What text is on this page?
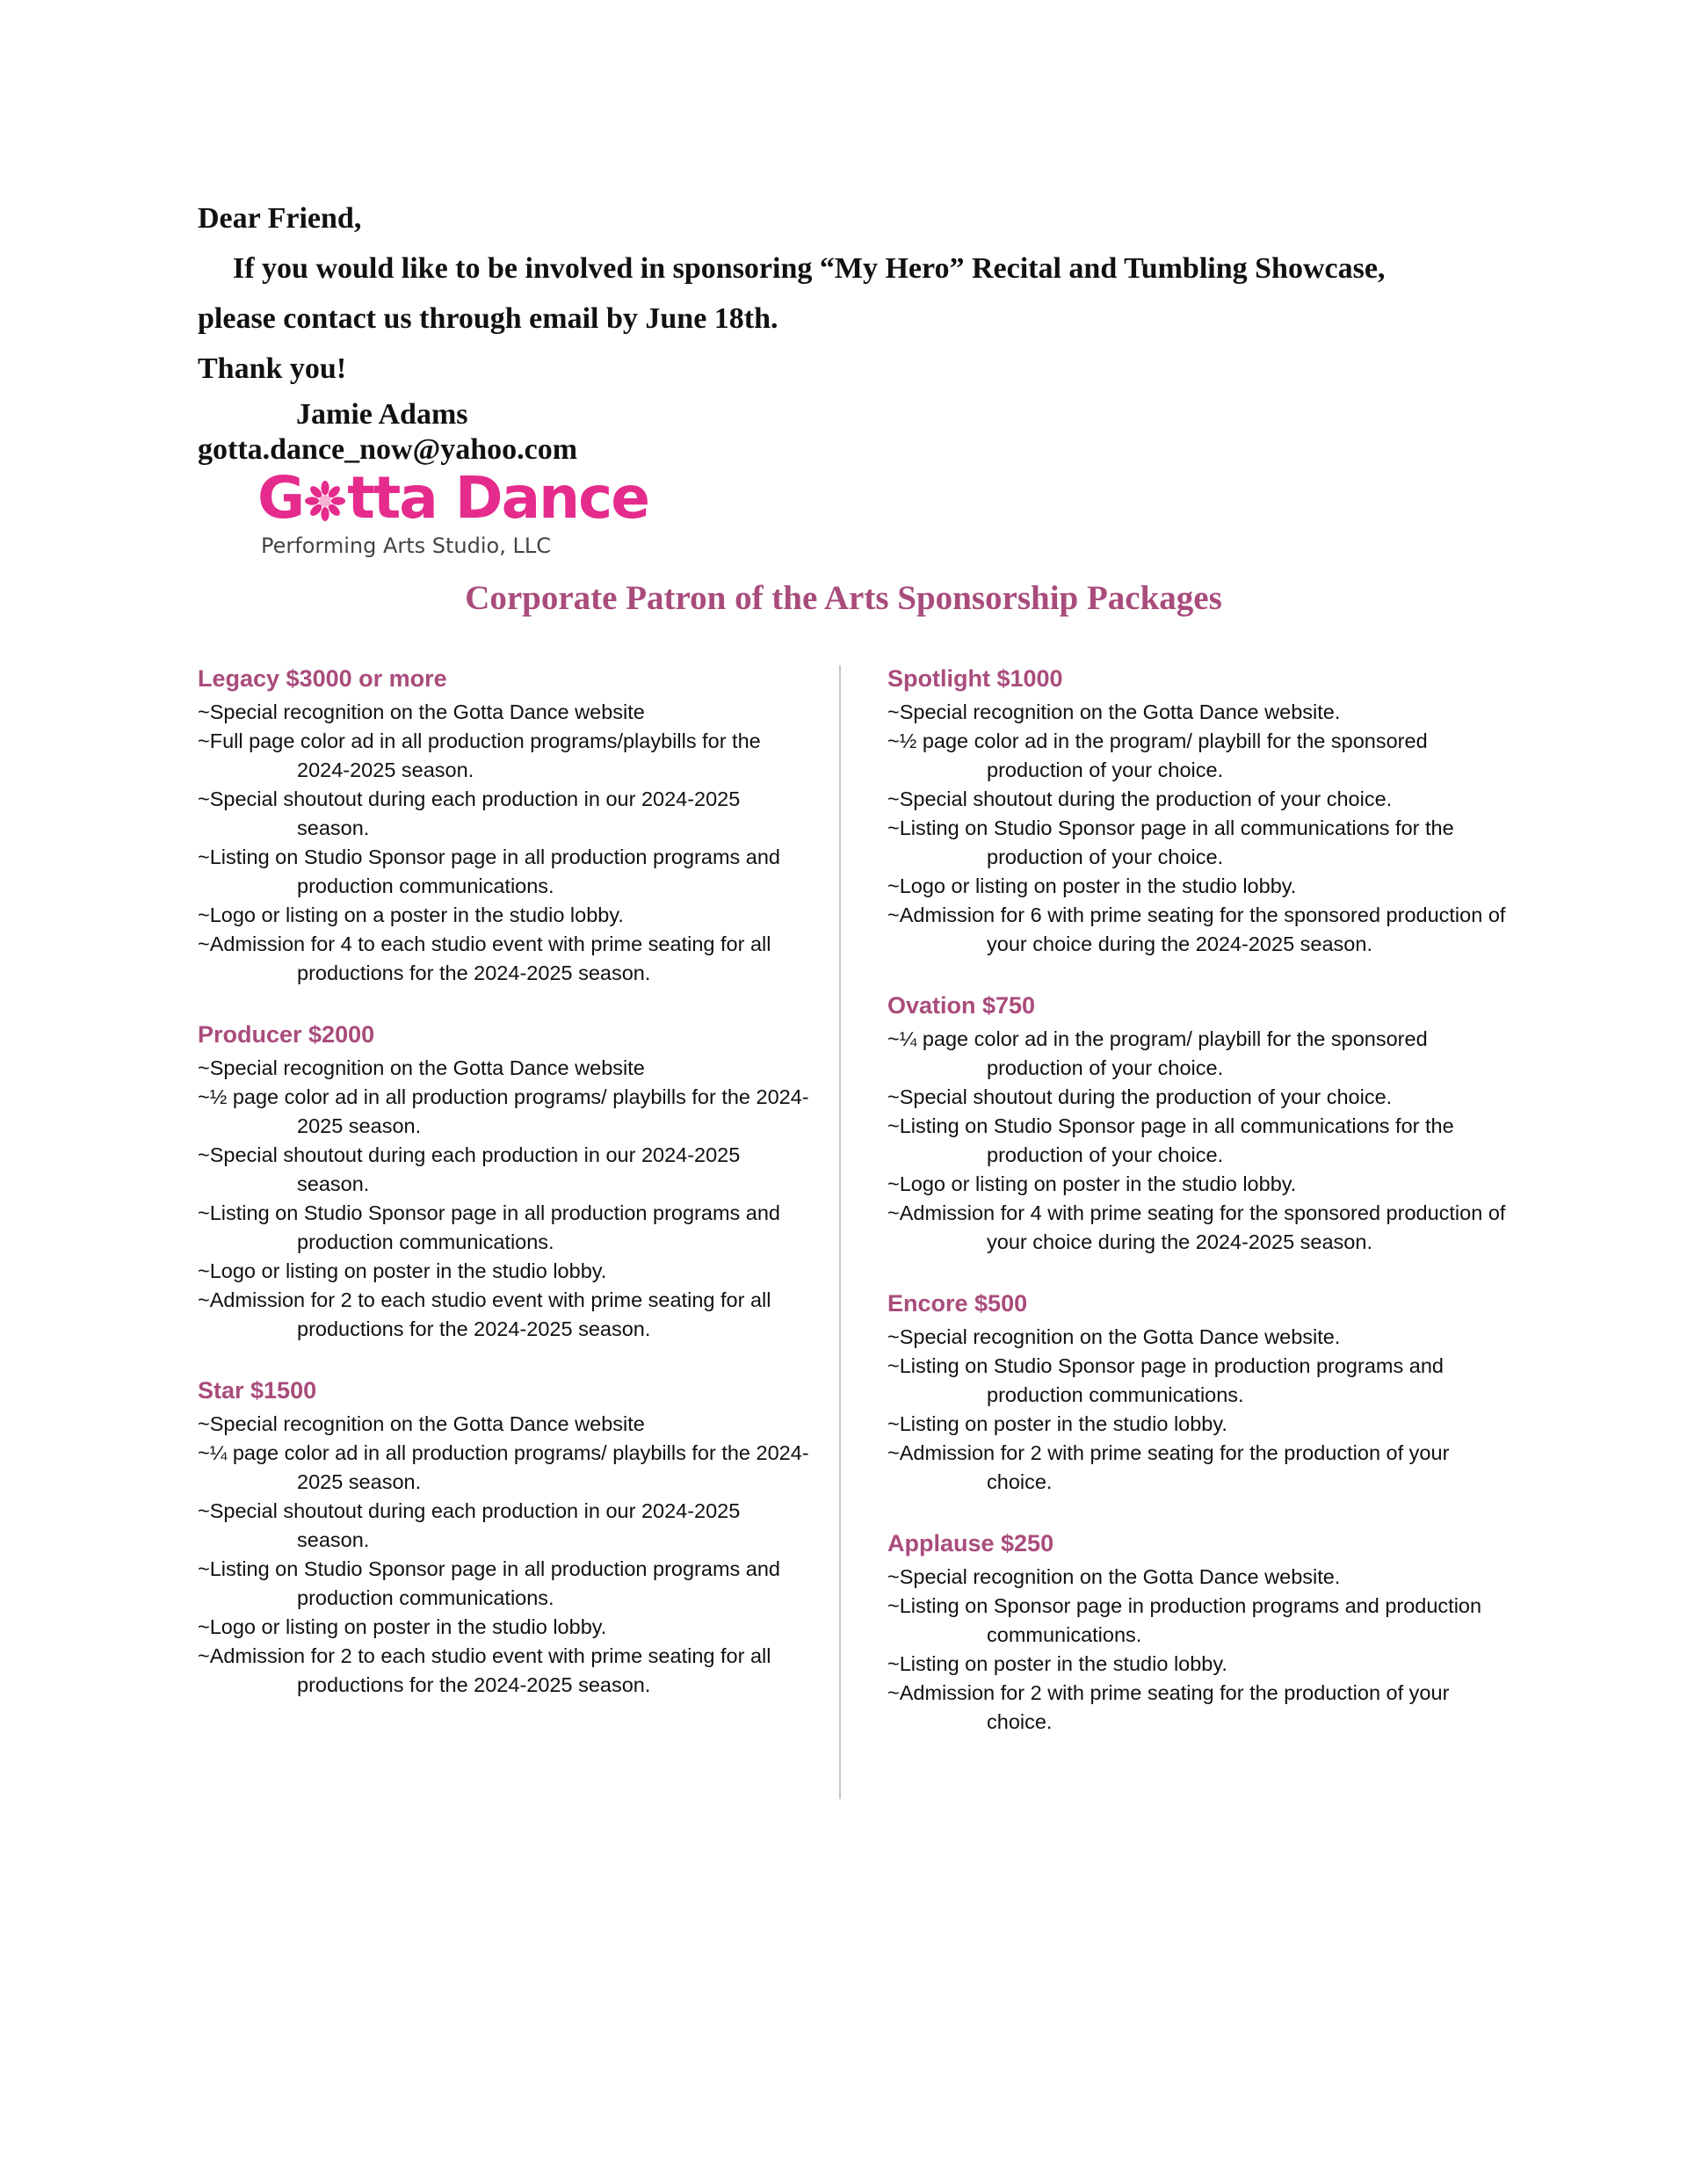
Dear Friend,

If you would like to be involved in sponsoring “My Hero” Recital and Tumbling Showcase,

please contact us through email by June 18th.

Thank you!

Jamie Adams

gotta.dance_now@yahoo.com

G tta Dance
Performing Arts Studio, LLC
Corporate Patron of the Arts Sponsorship Packages
Legacy $3000 or more
~Special recognition on the Gotta Dance website
~Full page color ad in all production programs/playbills for the 2024-2025 season.
~Special shoutout during each production in our 2024-2025 season.
~Listing on Studio Sponsor page in all production programs and production communications.
~Logo or listing on a poster in the studio lobby.
~Admission for 4 to each studio event with prime seating for all productions for the 2024-2025 season.
Producer $2000
~Special recognition on the Gotta Dance website
~½ page color ad in all production programs/ playbills for the 2024-2025 season.
~Special shoutout during each production in our 2024-2025 season.
~Listing on Studio Sponsor page in all production programs and production communications.
~Logo or listing on poster in the studio lobby.
~Admission for 2 to each studio event with prime seating for all productions for the 2024-2025 season.
Star $1500
~Special recognition on the Gotta Dance website
~¼ page color ad in all production programs/ playbills for the 2024-2025 season.
~Special shoutout during each production in our 2024-2025 season.
~Listing on Studio Sponsor page in all production programs and production communications.
~Logo or listing on poster in the studio lobby.
~Admission for 2 to each studio event with prime seating for all productions for the 2024-2025 season.
Spotlight $1000
~Special recognition on the Gotta Dance website.
~½ page color ad in the program/ playbill for the sponsored production of your choice.
~Special shoutout during the production of your choice.
~Listing on Studio Sponsor page in all communications for the production of your choice.
~Logo or listing on poster in the studio lobby.
~Admission for 6 with prime seating for the sponsored production of your choice during the 2024-2025 season.
Ovation $750
~¼ page color ad in the program/ playbill for the sponsored production of your choice.
~Special shoutout during the production of your choice.
~Listing on Studio Sponsor page in all communications for the production of your choice.
~Logo or listing on poster in the studio lobby.
~Admission for 4 with prime seating for the sponsored production of your choice during the 2024-2025 season.
Encore $500
~Special recognition on the Gotta Dance website.
~Listing on Studio Sponsor page in production programs and production communications.
~Listing on poster in the studio lobby.
~Admission for 2 with prime seating for the production of your choice.
Applause $250
~Special recognition on the Gotta Dance website.
~Listing on Sponsor page in production programs and production communications.
~Listing on poster in the studio lobby.
~Admission for 2 with prime seating for the production of your choice.
